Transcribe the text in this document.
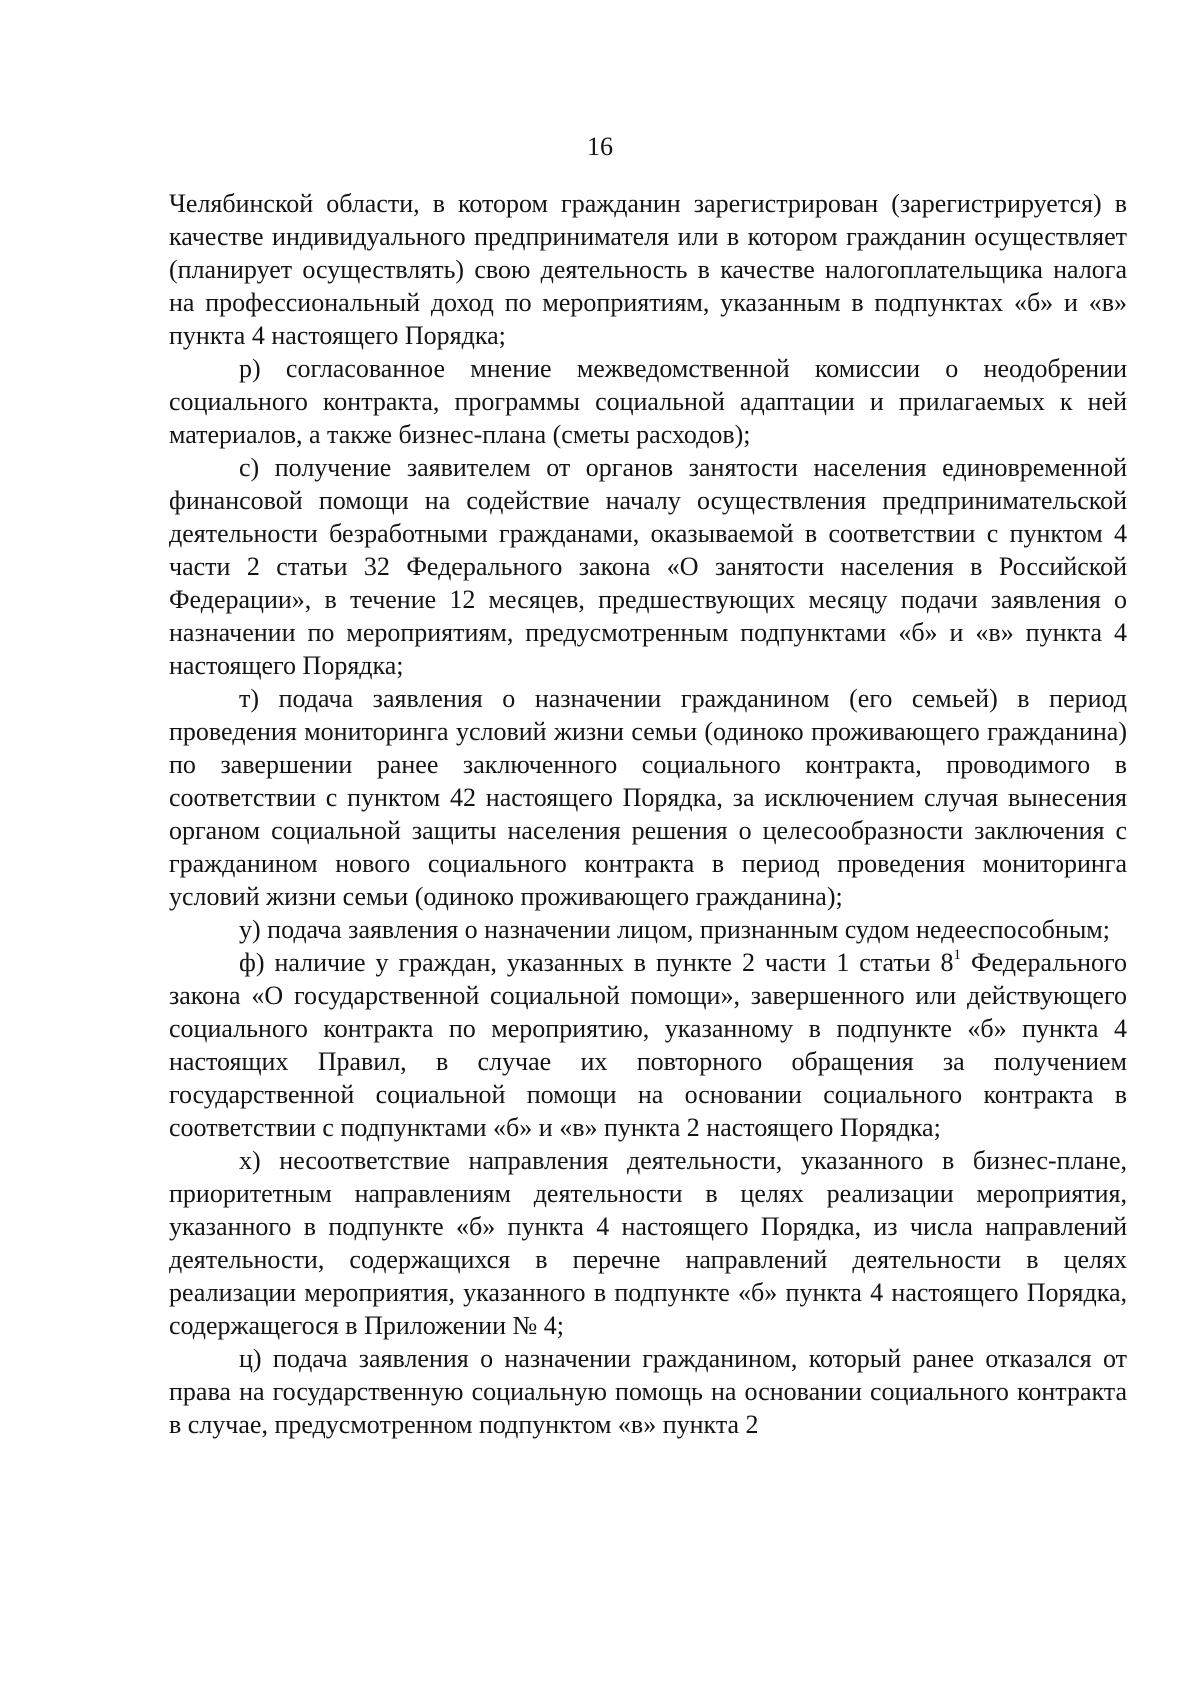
16

Челябинской области, в котором гражданин зарегистрирован (зарегистрируется) в качестве индивидуального предпринимателя или в котором гражданин осуществляет (планирует осуществлять) свою деятельность в качестве налогоплательщика налога на профессиональный доход по мероприятиям, указанным в подпунктах «б» и «в» пункта 4 настоящего Порядка;

р) согласованное мнение межведомственной комиссии о неодобрении социального контракта, программы социальной адаптации и прилагаемых к ней материалов, а также бизнес-плана (сметы расходов);

с) получение заявителем от органов занятости населения единовременной финансовой помощи на содействие началу осуществления предпринимательской деятельности безработными гражданами, оказываемой в соответствии с пунктом 4 части 2 статьи 32 Федерального закона «О занятости населения в Российской Федерации», в течение 12 месяцев, предшествующих месяцу подачи заявления о назначении по мероприятиям, предусмотренным подпунктами «б» и «в» пункта 4 настоящего Порядка;

т) подача заявления о назначении гражданином (его семьей) в период проведения мониторинга условий жизни семьи (одиноко проживающего гражданина) по завершении ранее заключенного социального контракта, проводимого в соответствии с пунктом 42 настоящего Порядка, за исключением случая вынесения органом социальной защиты населения решения о целесообразности заключения с гражданином нового социального контракта в период проведения мониторинга условий жизни семьи (одиноко проживающего гражданина);

у) подача заявления о назначении лицом, признанным судом недееспособным;

ф) наличие у граждан, указанных в пункте 2 части 1 статьи $8^1$ Федерального закона «О государственной социальной помощи», завершенного или действующего социального контракта по мероприятию, указанному в подпункте «б» пункта 4 настоящих Правил, в случае их повторного обращения за получением государственной социальной помощи на основании социального контракта в соответствии с подпунктами «б» и «в» пункта 2 настоящего Порядка;

х) несоответствие направления деятельности, указанного в бизнес-плане, приоритетным направлениям деятельности в целях реализации мероприятия, указанного в подпункте «б» пункта 4 настоящего Порядка, из числа направлений деятельности, содержащихся в перечне направлений деятельности в целях реализации мероприятия, указанного в подпункте «б» пункта 4 настоящего Порядка, содержащегося в Приложении № 4;

ц) подача заявления о назначении гражданином, который ранее отказался от права на государственную социальную помощь на основании социального контракта в случае, предусмотренном подпунктом «в» пункта 2
